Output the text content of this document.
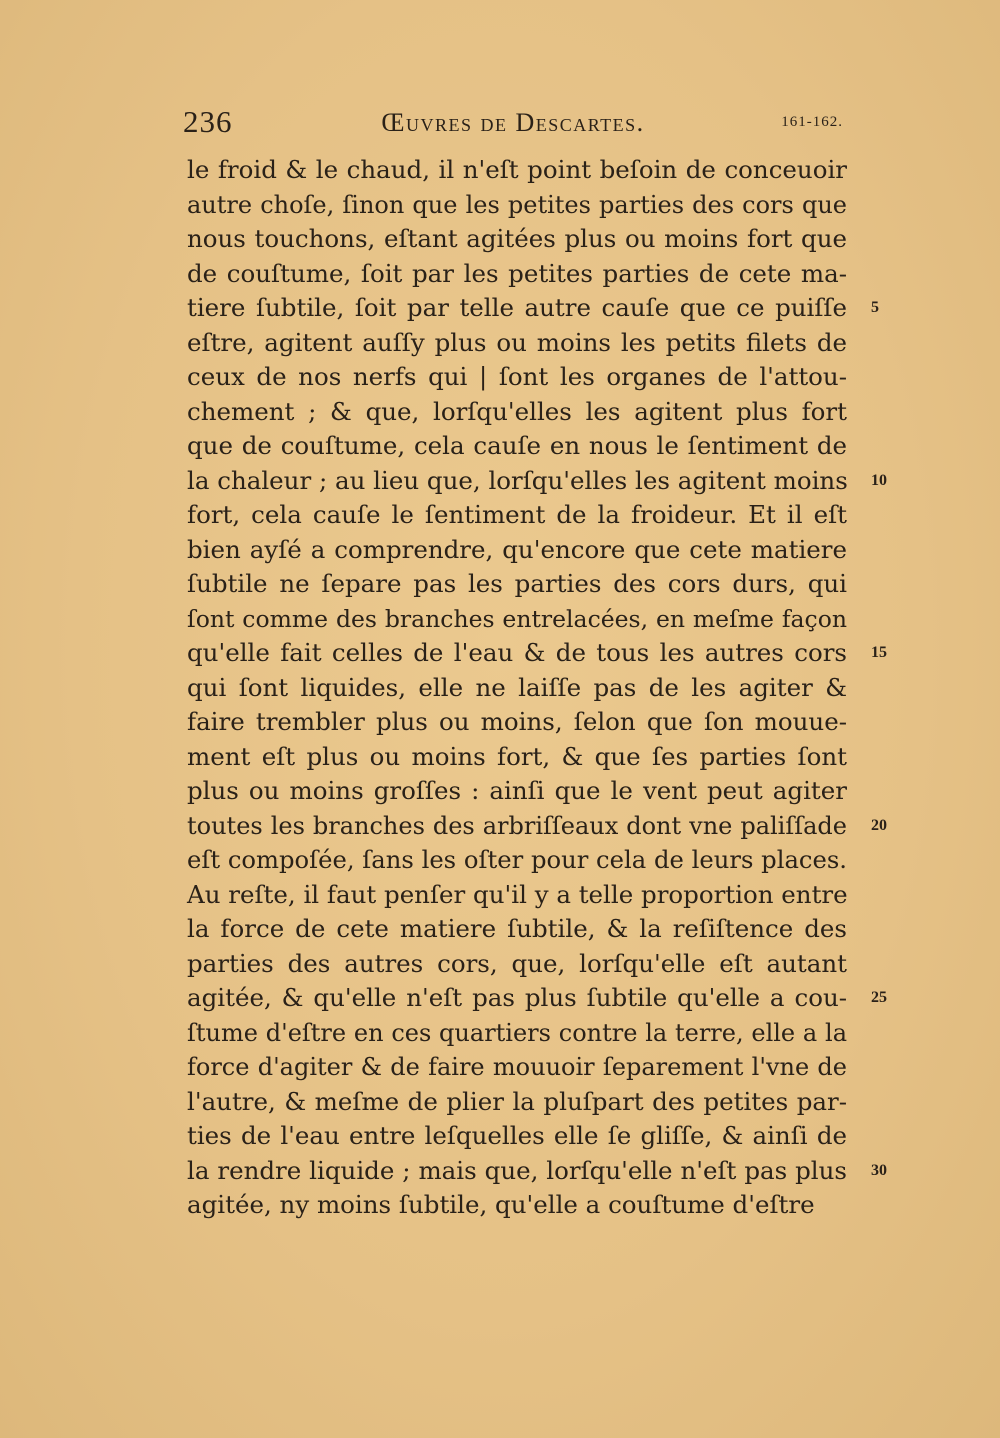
236	Œuvres de Descartes.	161-162.
le froid & le chaud, il n'eſt point beſoin de conceuoir
autre choſe, ſinon que les petites parties des cors que
nous touchons, eſtant agitées plus ou moins fort que
de couſtume, ſoit par les petites parties de cete ma-
tiere ſubtile, ſoit par telle autre cauſe que ce puiſſe
eſtre, agitent auſſy plus ou moins les petits filets de
ceux de nos nerfs qui | ſont les organes de l'attou-
chement ; & que, lorſqu'elles les agitent plus fort
que de couſtume, cela cauſe en nous le ſentiment de
la chaleur ; au lieu que, lorſqu'elles les agitent moins
fort, cela cauſe le ſentiment de la froideur. Et il eſt
bien ayſé a comprendre, qu'encore que cete matiere
ſubtile ne ſepare pas les parties des cors durs, qui
ſont comme des branches entrelacées, en meſme façon
qu'elle fait celles de l'eau & de tous les autres cors
qui ſont liquides, elle ne laiſſe pas de les agiter &
faire trembler plus ou moins, ſelon que ſon mouue-
ment eſt plus ou moins fort, & que ſes parties ſont
plus ou moins groſſes : ainſi que le vent peut agiter
toutes les branches des arbriſſeaux dont vne paliſſade
eſt compoſée, ſans les oſter pour cela de leurs places.
Au reſte, il faut penſer qu'il y a telle proportion entre
la force de cete matiere ſubtile, & la reſiſtence des
parties des autres cors, que, lorſqu'elle eſt autant
agitée, & qu'elle n'eſt pas plus ſubtile qu'elle a cou-
ſtume d'eſtre en ces quartiers contre la terre, elle a la
force d'agiter & de faire mouuoir ſeparement l'vne de
l'autre, & meſme de plier la pluſpart des petites par-
ties de l'eau entre leſquelles elle ſe gliſſe, & ainſi de
la rendre liquide ; mais que, lorſqu'elle n'eſt pas plus
agitée, ny moins ſubtile, qu'elle a couſtume d'eſtre
5
10
15
20
25
30
